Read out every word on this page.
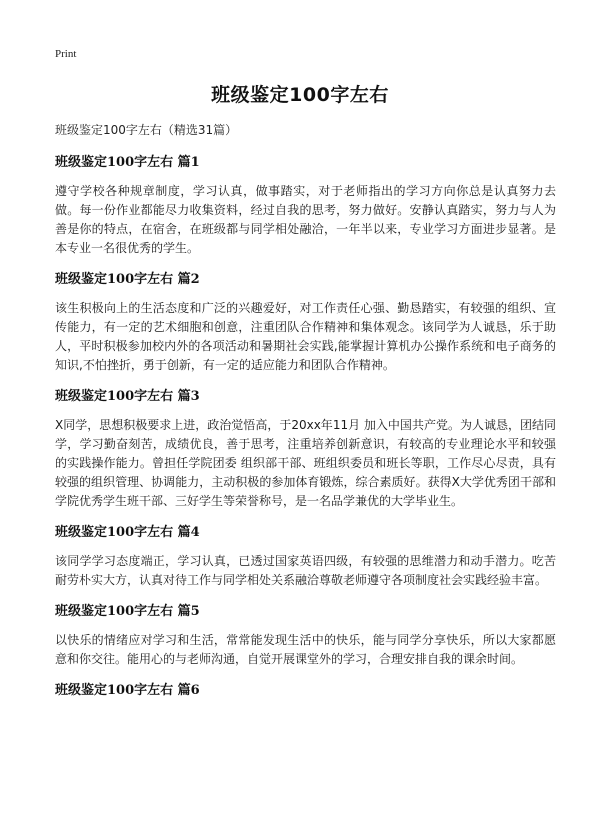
Print
班级鉴定100字左右
班级鉴定100字左右（精选31篇）
班级鉴定100字左右 篇1

遵守学校各种规章制度，学习认真，做事踏实，对于老师指出的学习方向你总是认真努力去做。每一份作业都能尽力收集资料，经过自我的思考，努力做好。安静认真踏实，努力与人为善是你的特点，在宿舍，在班级都与同学相处融洽，一年半以来，专业学习方面进步显著。是本专业一名很优秀的学生。

班级鉴定100字左右 篇2

该生积极向上的生活态度和广泛的兴趣爱好，对工作责任心强、勤恳踏实，有较强的组织、宣传能力，有一定的艺术细胞和创意，注重团队合作精神和集体观念。该同学为人诚恳，乐于助人，平时积极参加校内外的各项活动和暑期社会实践,能掌握计算机办公操作系统和电子商务的知识,不怕挫折，勇于创新，有一定的适应能力和团队合作精神。

班级鉴定100字左右 篇3

X同学，思想积极要求上进，政治觉悟高，于20xx年11月 加入中国共产党。为人诚恳，团结同学，学习勤奋刻苦，成绩优良，善于思考，注重培养创新意识，有较高的专业理论水平和较强的实践操作能力。曾担任学院团委 组织部干部、班组织委员和班长等职，工作尽心尽责，具有较强的组织管理、协调能力，主动积极的参加体育锻炼，综合素质好。获得X大学优秀团干部和 学院优秀学生班干部、三好学生等荣誉称号，是一名品学兼优的大学毕业生。

班级鉴定100字左右 篇4

该同学学习态度端正，学习认真，已透过国家英语四级，有较强的思维潜力和动手潜力。吃苦耐劳朴实大方，认真对待工作与同学相处关系融洽尊敬老师遵守各项制度社会实践经验丰富。

班级鉴定100字左右 篇5

以快乐的情绪应对学习和生活，常常能发现生活中的快乐，能与同学分享快乐，所以大家都愿意和你交往。能用心的与老师沟通，自觉开展课堂外的学习，合理安排自我的课余时间。

班级鉴定100字左右 篇6
